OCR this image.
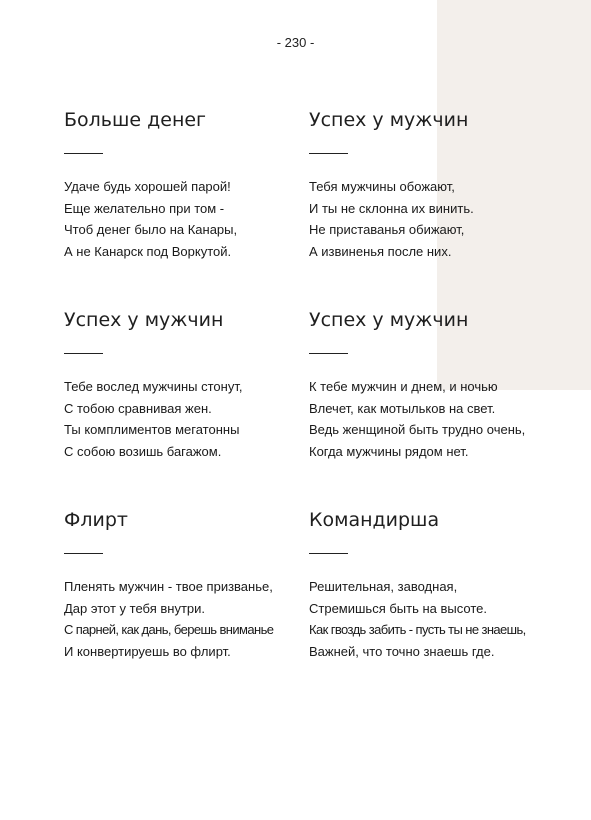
- 230 -
Больше денег
Удаче будь хорошей парой!
Еще желательно при том -
Чтоб денег было на Канары,
А не Канарск под Воркутой.
Успех у мужчин
Тебя мужчины обожают,
И ты не склонна их винить.
Не приставанья обижают,
А извиненья после них.
Успех у мужчин
Тебе вослед мужчины стонут,
С тобою сравнивая жен.
Ты комплиментов мегатонны
С собою возишь багажом.
Успех у мужчин
К тебе мужчин и днем, и ночью
Влечет, как мотыльков на свет.
Ведь женщиной быть трудно очень,
Когда мужчины рядом нет.
Флирт
Пленять мужчин - твое призванье,
Дар этот у тебя внутри.
С парней, как дань, берешь вниманье
И конвертируешь во флирт.
Командирша
Решительная, заводная,
Стремишься быть на высоте.
Как гвоздь забить - пусть ты не знаешь,
Важней, что точно знаешь где.
